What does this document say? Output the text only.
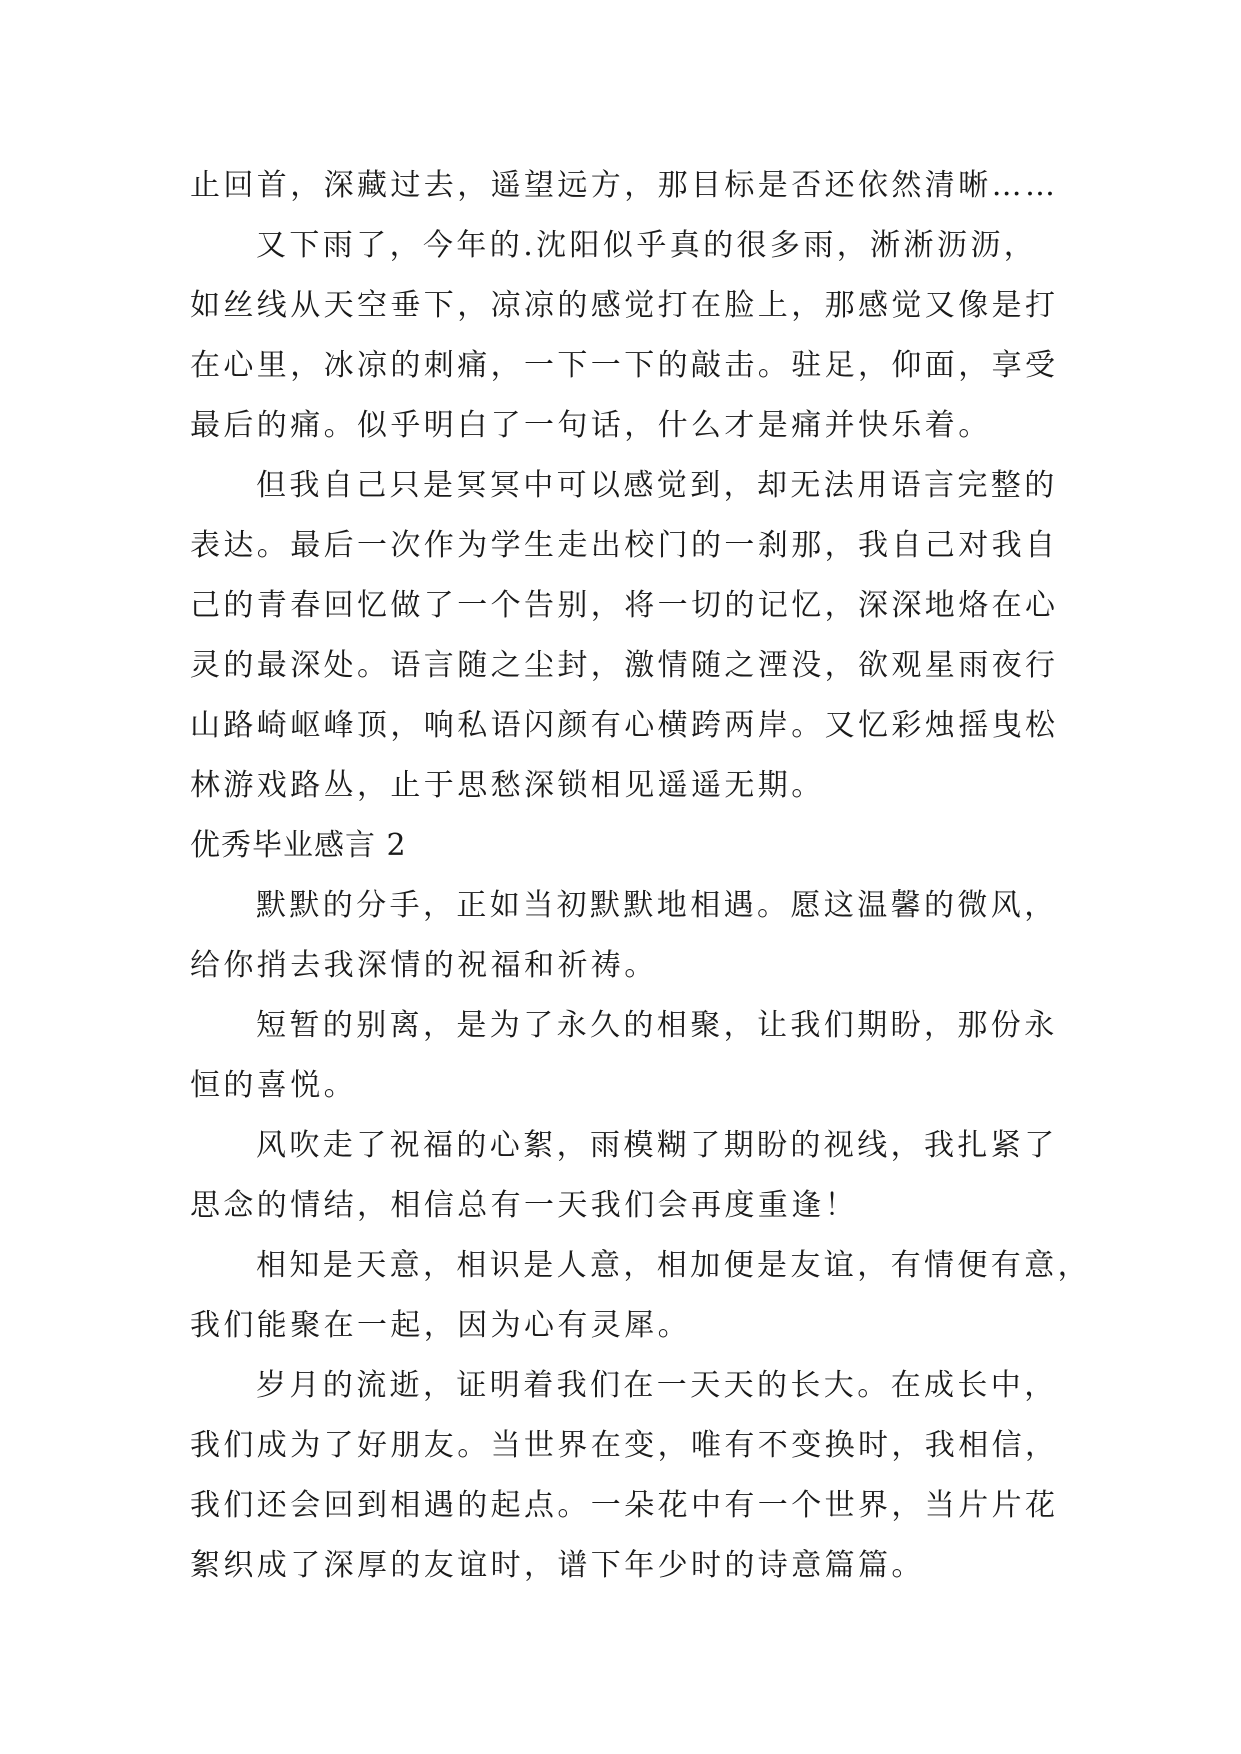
止回首，深藏过去，遥望远方，那目标是否还依然清晰……
又下雨了，今年的.沈阳似乎真的很多雨，淅淅沥沥，
如丝线从天空垂下，凉凉的感觉打在脸上，那感觉又像是打
在心里，冰凉的刺痛，一下一下的敲击。驻足，仰面，享受
最后的痛。似乎明白了一句话，什么才是痛并快乐着。
但我自己只是冥冥中可以感觉到，却无法用语言完整的
表达。最后一次作为学生走出校门的一刹那，我自己对我自
己的青春回忆做了一个告别，将一切的记忆，深深地烙在心
灵的最深处。语言随之尘封，激情随之湮没，欲观星雨夜行
山路崎岖峰顶，响私语闪颜有心横跨两岸。又忆彩烛摇曳松
林游戏路丛，止于思愁深锁相见遥遥无期。
优秀毕业感言 2
默默的分手，正如当初默默地相遇。愿这温馨的微风，
给你捎去我深情的祝福和祈祷。
短暂的别离，是为了永久的相聚，让我们期盼，那份永
恒的喜悦。
风吹走了祝福的心絮，雨模糊了期盼的视线，我扎紧了
思念的情结，相信总有一天我们会再度重逢！
相知是天意，相识是人意，相加便是友谊，有情便有意，
我们能聚在一起，因为心有灵犀。
岁月的流逝，证明着我们在一天天的长大。在成长中，
我们成为了好朋友。当世界在变，唯有不变换时，我相信，
我们还会回到相遇的起点。一朵花中有一个世界，当片片花
絮织成了深厚的友谊时，谱下年少时的诗意篇篇。
